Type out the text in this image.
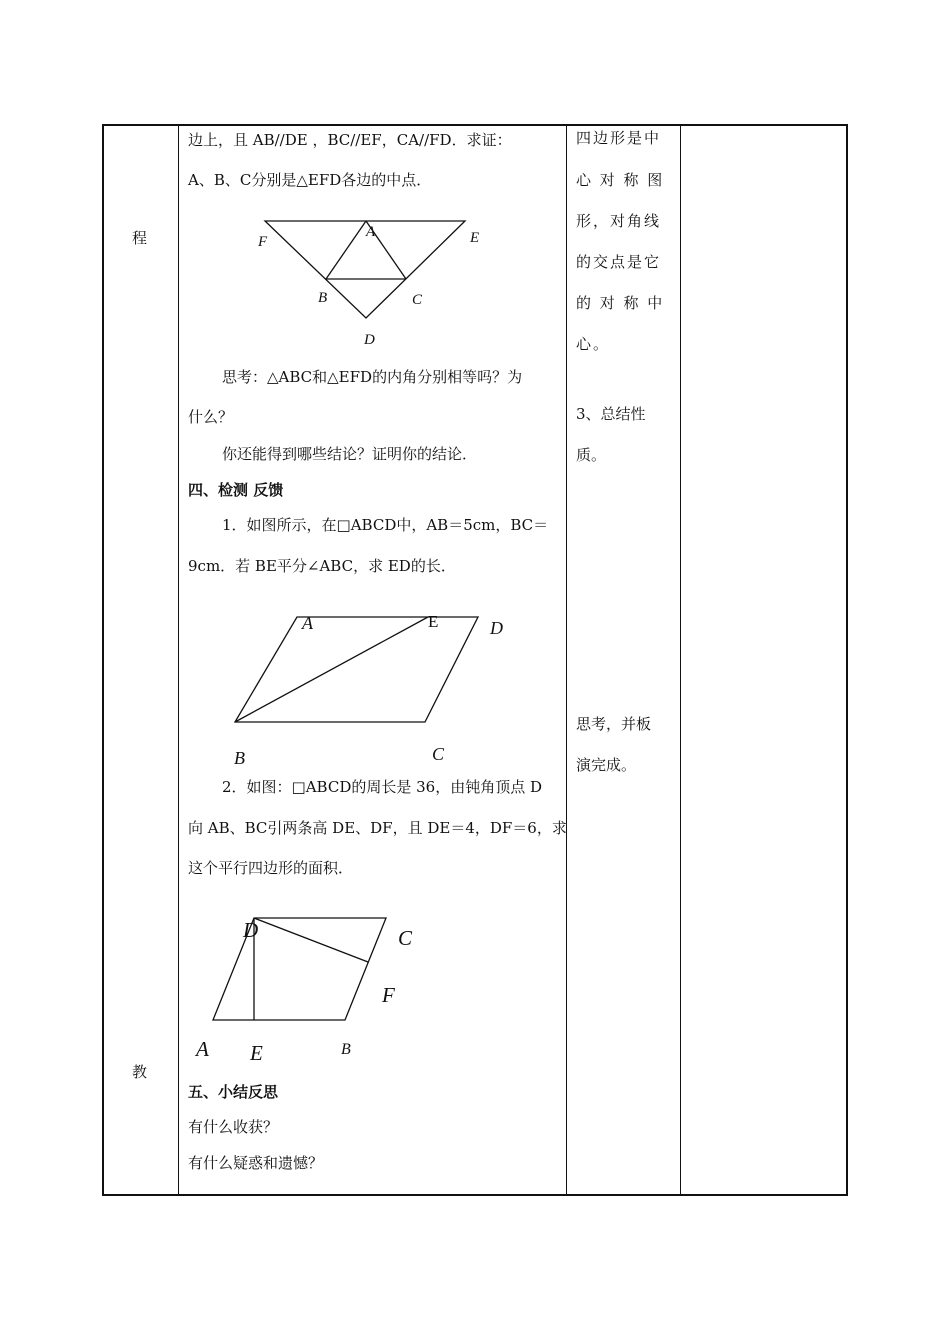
程
教
边上，且 AB//DE ，BC//EF，CA//FD．求证：
A、B、C分别是△EFD各边的中点．
F
A	E
B	C
D
思考：△ABC和△EFD的内角分别相等吗？为
什么？
你还能得到哪些结论？证明你的结论．
四、检测 反馈
1．如图所示，在□ABCD中，AB＝5cm，BC＝
9cm．若 BE平分∠ABC，求 ED的长．
A	E	D
B	C
2．如图：□ABCD的周长是 36，由钝角顶点 D
向 AB、BC引两条高 DE、DF，且 DE＝4，DF＝6，求
这个平行四边形的面积．
D	C
F
A E	B
五、小结反思
有什么收获？
有什么疑惑和遗憾？
四边形是中
心 对 称 图
形，对角线
的交点是它
的 对 称 中
心。
3、总结性
质。
思考，并板
演完成。
